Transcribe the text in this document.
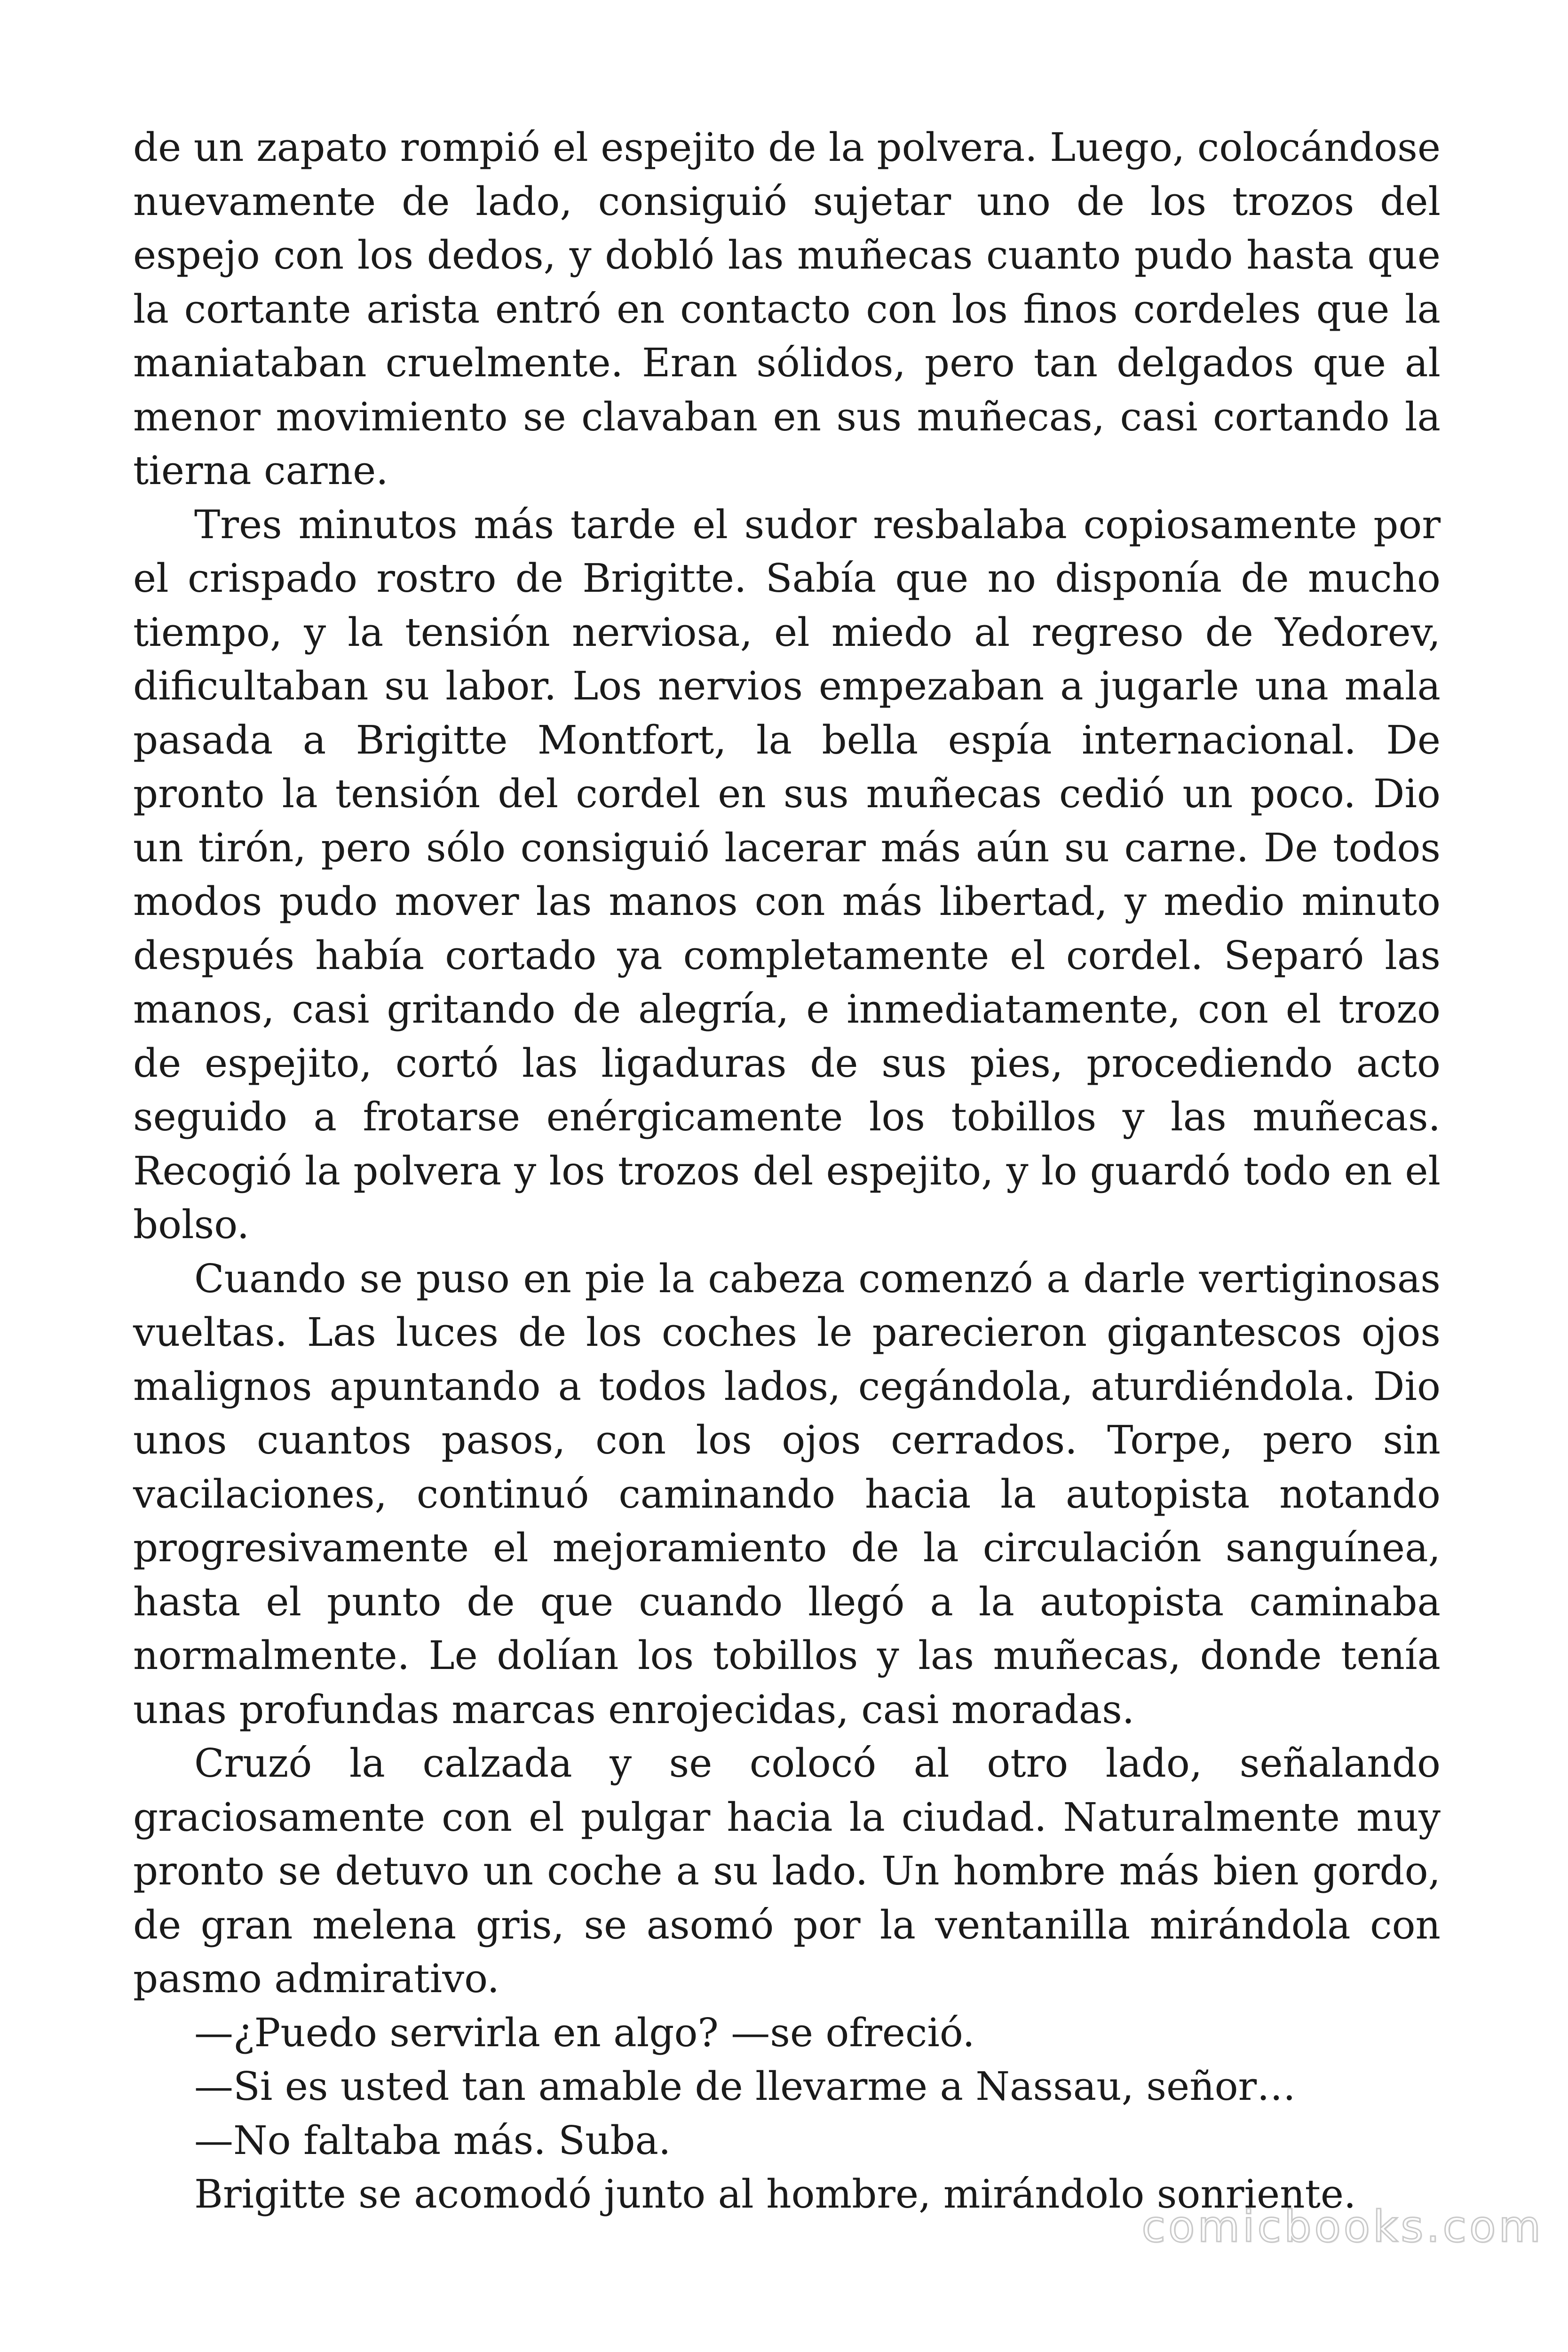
de un zapato rompió el espejito de la polvera. Luego, colocándose nuevamente de lado, consiguió sujetar uno de los trozos del espejo con los dedos, y dobló las muñecas cuanto pudo hasta que la cortante arista entró en contacto con los finos cordeles que la maniataban cruelmente. Eran sólidos, pero tan delgados que al menor movimiento se clavaban en sus muñecas, casi cortando la tierna carne.

Tres minutos más tarde el sudor resbalaba copiosamente por el crispado rostro de Brigitte. Sabía que no disponía de mucho tiempo, y la tensión nerviosa, el miedo al regreso de Yedorev, dificultaban su labor. Los nervios empezaban a jugarle una mala pasada a Brigitte Montfort, la bella espía internacional. De pronto la tensión del cordel en sus muñecas cedió un poco. Dio un tirón, pero sólo consiguió lacerar más aún su carne. De todos modos pudo mover las manos con más libertad, y medio minuto después había cortado ya completamente el cordel. Separó las manos, casi gritando de alegría, e inmediatamente, con el trozo de espejito, cortó las ligaduras de sus pies, procediendo acto seguido a frotarse enérgicamente los tobillos y las muñecas. Recogió la polvera y los trozos del espejito, y lo guardó todo en el bolso.

Cuando se puso en pie la cabeza comenzó a darle vertiginosas vueltas. Las luces de los coches le parecieron gigantescos ojos malignos apuntando a todos lados, cegándola, aturdiéndola. Dio unos cuantos pasos, con los ojos cerrados. Torpe, pero sin vacilaciones, continuó caminando hacia la autopista notando progresivamente el mejoramiento de la circulación sanguínea, hasta el punto de que cuando llegó a la autopista caminaba normalmente. Le dolían los tobillos y las muñecas, donde tenía unas profundas marcas enrojecidas, casi moradas.

Cruzó la calzada y se colocó al otro lado, señalando graciosamente con el pulgar hacia la ciudad. Naturalmente muy pronto se detuvo un coche a su lado. Un hombre más bien gordo, de gran melena gris, se asomó por la ventanilla mirándola con pasmo admirativo.

—¿Puedo servirla en algo? —se ofreció.

—Si es usted tan amable de llevarme a Nassau, señor…

—No faltaba más. Suba.

Brigitte se acomodó junto al hombre, mirándolo sonriente.

comicbooks.com
